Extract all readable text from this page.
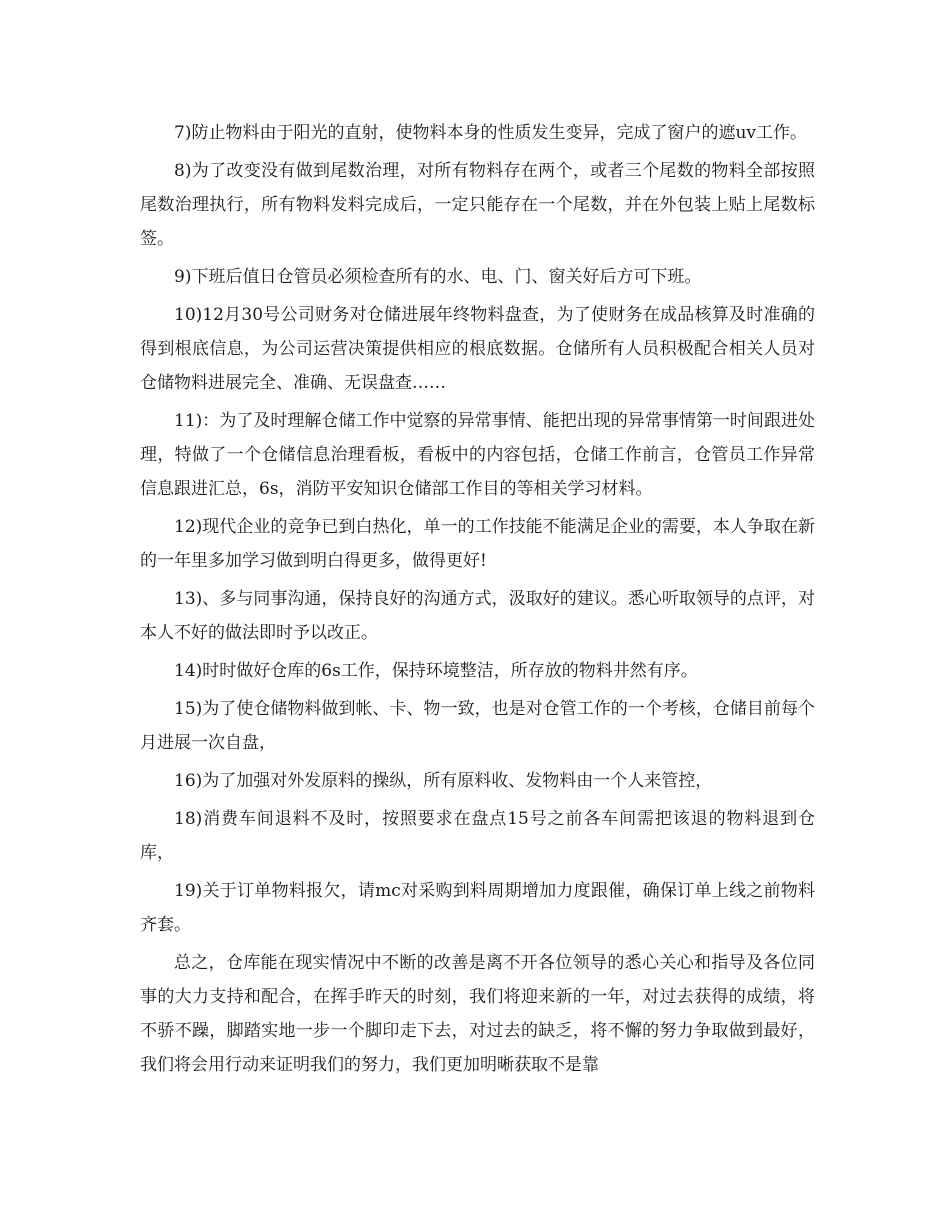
7)防止物料由于阳光的直射，使物料本身的性质发生变异，完成了窗户的遮uv工作。

8)为了改变没有做到尾数治理，对所有物料存在两个，或者三个尾数的物料全部按照尾数治理执行，所有物料发料完成后，一定只能存在一个尾数，并在外包装上贴上尾数标签。

9)下班后值日仓管员必须检查所有的水、电、门、窗关好后方可下班。

10)12月30号公司财务对仓储进展年终物料盘查，为了使财务在成品核算及时准确的得到根底信息，为公司运营决策提供相应的根底数据。仓储所有人员积极配合相关人员对仓储物料进展完全、准确、无误盘查……

11)：为了及时理解仓储工作中觉察的异常事情、能把出现的异常事情第一时间跟进处理，特做了一个仓储信息治理看板，看板中的内容包括，仓储工作前言，仓管员工作异常信息跟进汇总，6s，消防平安知识仓储部工作目的等相关学习材料。

12)现代企业的竞争已到白热化，单一的工作技能不能满足企业的需要，本人争取在新的一年里多加学习做到明白得更多，做得更好!

13)、多与同事沟通，保持良好的沟通方式，汲取好的建议。悉心听取领导的点评，对本人不好的做法即时予以改正。

14)时时做好仓库的6s工作，保持环境整洁，所存放的物料井然有序。

15)为了使仓储物料做到帐、卡、物一致，也是对仓管工作的一个考核，仓储目前每个月进展一次自盘，

16)为了加强对外发原料的操纵，所有原料收、发物料由一个人来管控，

18)消费车间退料不及时，按照要求在盘点15号之前各车间需把该退的物料退到仓库，

19)关于订单物料报欠，请mc对采购到料周期增加力度跟催，确保订单上线之前物料齐套。

总之，仓库能在现实情况中不断的改善是离不开各位领导的悉心关心和指导及各位同事的大力支持和配合，在挥手昨天的时刻，我们将迎来新的一年，对过去获得的成绩，将不骄不躁，脚踏实地一步一个脚印走下去，对过去的缺乏，将不懈的努力争取做到最好，我们将会用行动来证明我们的努力，我们更加明晰获取不是靠
